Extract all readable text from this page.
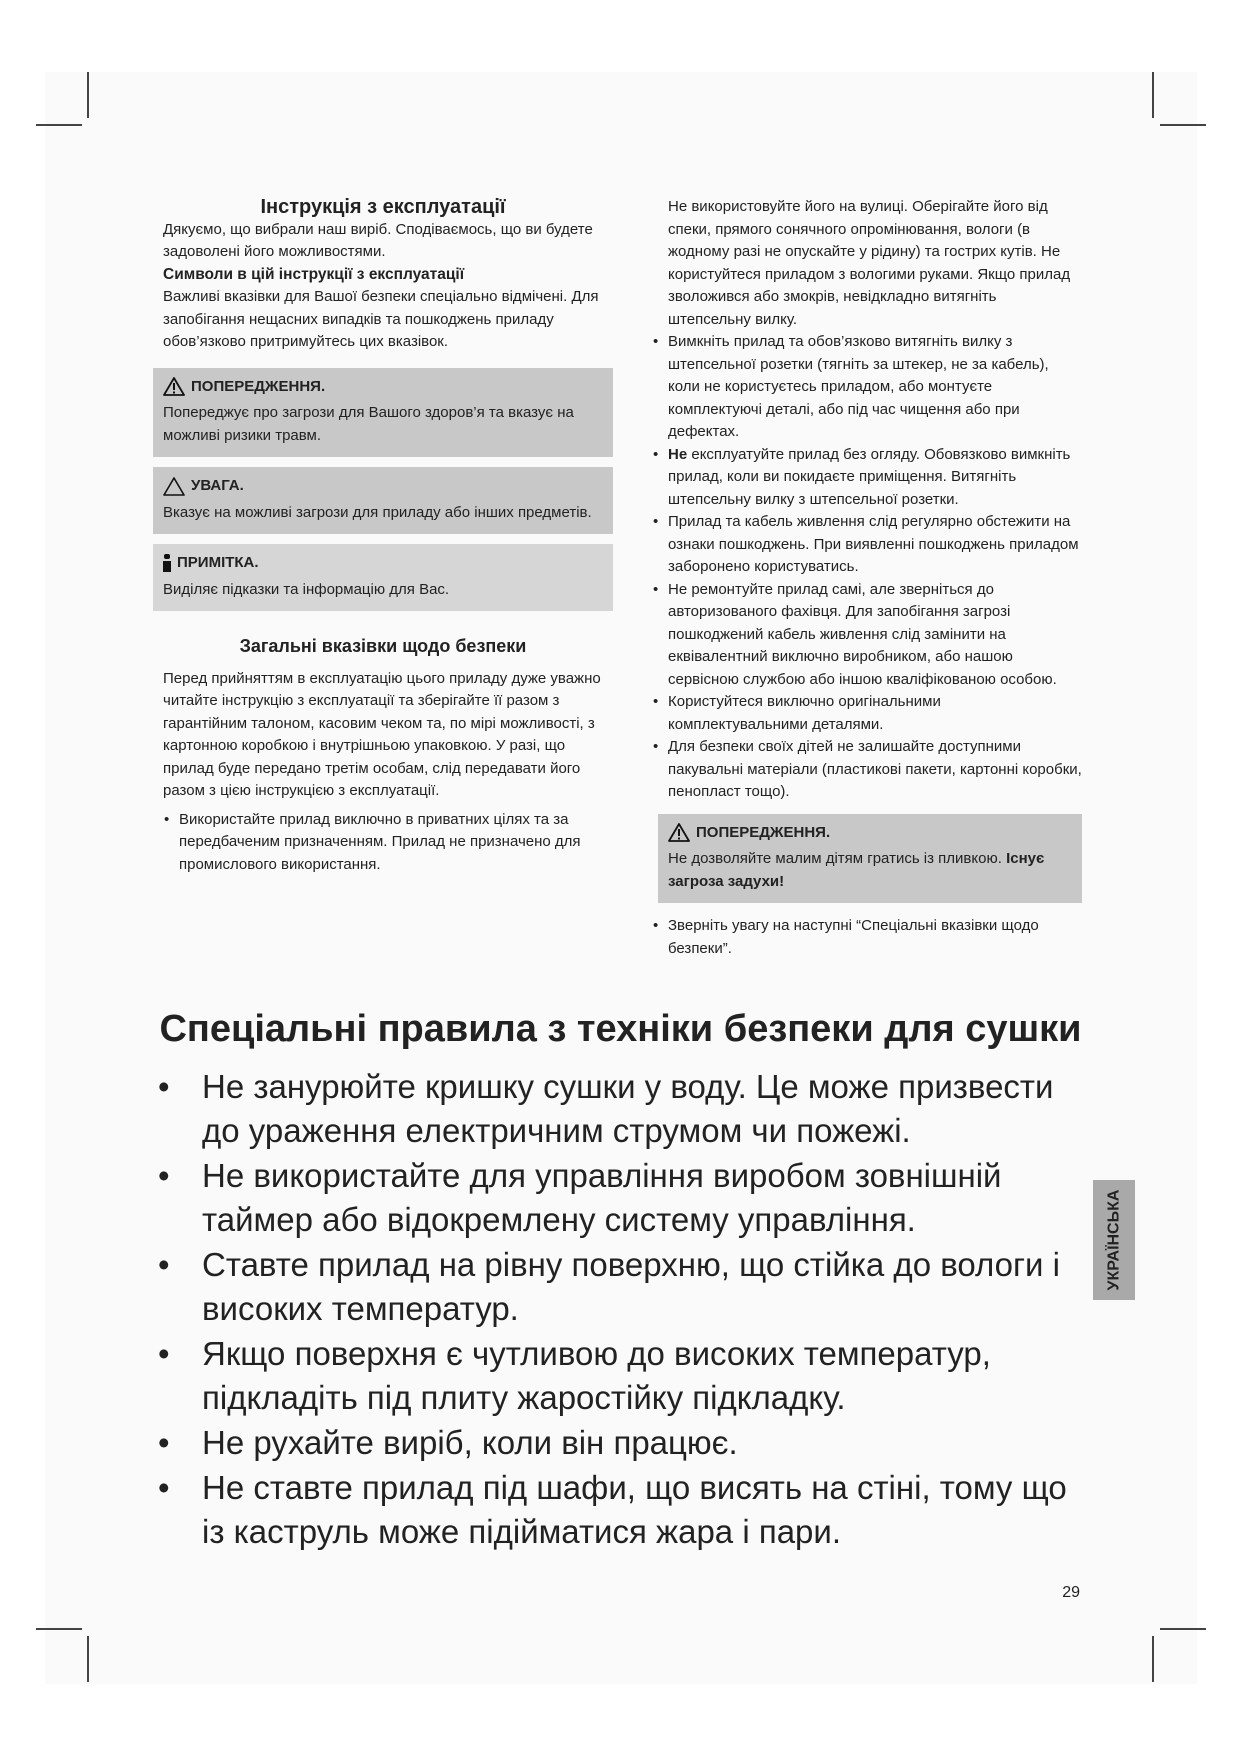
Інструкція з експлуатації

Дякуємо, що вибрали наш виріб. Сподіваємось, що ви будете задоволені його можливостями.

Символи в цій інструкції з експлуатації

Важливі вказівки для Вашої безпеки спеціально відмічені. Для запобігання нещасних випадків та пошкоджень приладу обов’язково притримуйтесь цих вказівок.

ПОПЕРЕДЖЕННЯ.

Попереджує про загрози для Вашого здоров’я та вказує на можливі ризики травм.

УВАГА.

Вказує на можливі загрози для приладу або інших предметів.

ПРИМІТКА.

Виділяє підказки та інформацію для Вас.

Загальні вказівки щодо безпеки

Перед прийняттям в експлуатацію цього приладу дуже уважно читайте інструкцію з експлуатації та зберігайте її разом з гарантійним талоном, касовим чеком та, по мірі можливості, з картонною коробкою і внутрішньою упаковкою. У разі, що прилад буде передано третім особам, слід передавати його разом з цією інструкцією з експлуатації.

• Використайте прилад виключно в приватних цілях та за передбаченим призначенням. Прилад не призначено для промислового використання.

Не використовуйте його на вулиці. Оберігайте його від спеки, прямого сонячного опромінювання, вологи (в жодному разі не опускайте у рідину) та гострих кутів. Не користуйтеся приладом з вологими руками. Якщо прилад зволожився або змокрів, невідкладно витягніть штепсельну вилку.

• Вимкніть прилад та обов’язково витягніть вилку з штепсельної розетки (тягніть за штекер, не за кабель), коли не користуєтесь приладом, або монтуєте комплектуючі деталі, або під час чищення або при дефектах.
• Не експлуатуйте прилад без огляду. Обовязково вимкніть прилад, коли ви покидаєте приміщення. Витягніть штепсельну вилку з штепсельної розетки.
• Прилад та кабель живлення слід регулярно обстежити на ознаки пошкоджень. При виявленні пошкоджень приладом заборонено користуватись.
• Не ремонтуйте прилад самі, але зверніться до авторизованого фахівця. Для запобігання загрозі пошкоджений кабель живлення слід замінити на еквівалентний виключно виробником, або нашою сервісною службою або іншою кваліфікованою особою.
• Користуйтеся виключно оригінальними комплектувальними деталями.
• Для безпеки своїх дітей не залишайте доступними пакувальні матеріали (пластикові пакети, картонні коробки, пенопласт тощо).
ПОПЕРЕДЖЕННЯ.

Не дозволяйте малим дітям гратись із пливкою. Існує загроза задухи!

• Зверніть увагу на наступні “Спеціальні вказівки щодо безпеки”.
Спеціальні правила з техніки безпеки для сушки
• Не занурюйте кришку сушки у воду. Це може призвести до ураження електричним струмом чи пожежі.
• Не використайте для управління виробом зовнішній таймер або відокремлену систему управління.
• Ставте прилад на рівну поверхню, що стійка до вологи і високих температур.
• Якщо поверхня є чутливою до високих температур, підкладіть під плиту жаростійку підкладку.
• Не рухайте виріб, коли він працює.
• Не ставте прилад під шафи, що висять на стіні, тому що із каструль може підійматися жара і пари.
УКРАЇНСЬКА
29
